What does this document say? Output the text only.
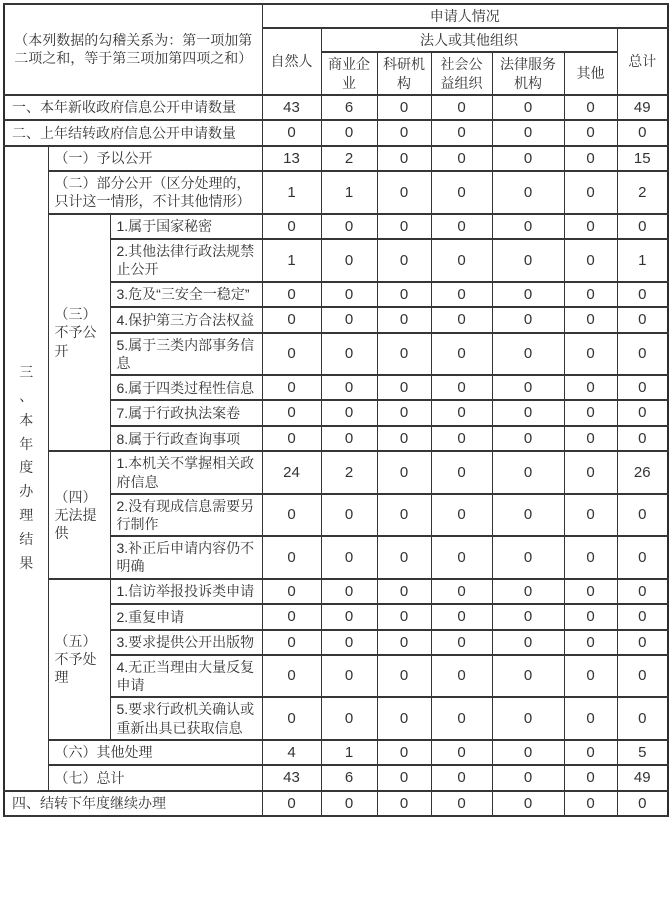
（本列数据的勾稽关系为：第一项加第二项之和，等于第三项加第四项之和）			申请人情况						
			自然人	法人或其他组织					总计
				商业企业	科研机构	社会公益组织	法律服务机构	其他	
一、本年新收政府信息公开申请数量			43	6	0	0	0	0	49
二、上年结转政府信息公开申请数量			0	0	0	0	0	0	0

三、本年度办理结果	（一）予以公开		13	2	0	0	0	0	15
	（二）部分公开（区分处理的，只计这一情形，不计其他情形）		1	1	0	0	0	0	2
	（三）不予公开	1.属于国家秘密	0	0	0	0	0	0	0
		2.其他法律行政法规禁止公开	1	0	0	0	0	0	1
		3.危及“三安全一稳定”	0	0	0	0	0	0	0
		4.保护第三方合法权益	0	0	0	0	0	0	0
		5.属于三类内部事务信息	0	0	0	0	0	0	0
		6.属于四类过程性信息	0	0	0	0	0	0	0
		7.属于行政执法案卷	0	0	0	0	0	0	0
		8.属于行政查询事项	0	0	0	0	0	0	0
	（四）无法提供	1.本机关不掌握相关政府信息	24	2	0	0	0	0	26
		2.没有现成信息需要另行制作	0	0	0	0	0	0	0
		3.补正后申请内容仍不明确	0	0	0	0	0	0	0
	（五）不予处理	1.信访举报投诉类申请	0	0	0	0	0	0	0
		2.重复申请	0	0	0	0	0	0	0
		3.要求提供公开出版物	0	0	0	0	0	0	0
		4.无正当理由大量反复申请	0	0	0	0	0	0	0
		5.要求行政机关确认或重新出具已获取信息	0	0	0	0	0	0	0
	（六）其他处理		4	1	0	0	0	0	5
	（七）总计		43	6	0	0	0	0	49
四、结转下年度继续办理			0	0	0	0	0	0	0
